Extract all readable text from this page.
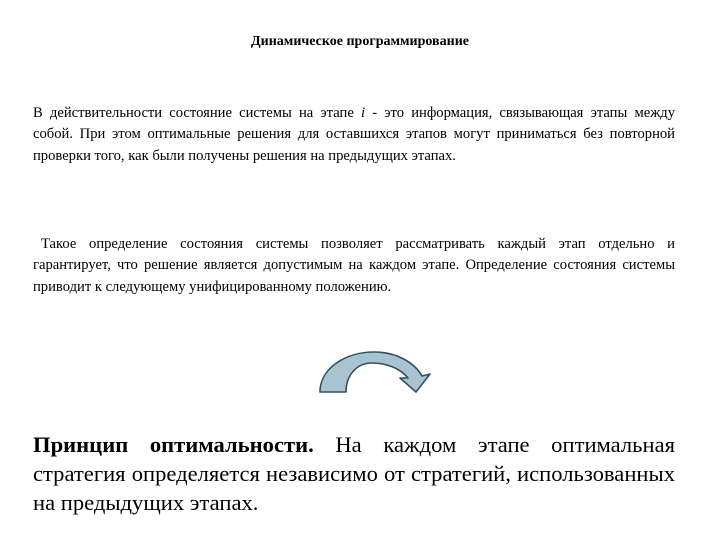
Динамическое программирование
В действительности состояние системы на этапе i - это информация, связывающая этапы между собой. При этом оптимальные решения для оставшихся этапов могут приниматься без повторной проверки того, как были получены решения на предыдущих этапах.
Такое определение состояния системы позволяет рассматривать каждый этап отдельно и гарантирует, что решение является допустимым на каждом этапе. Определение состояния системы приводит к следующему унифицированному положению.
Принцип оптимальности. На каждом этапе оптимальная стратегия определяется независимо от стратегий, использованных на предыдущих этапах.
